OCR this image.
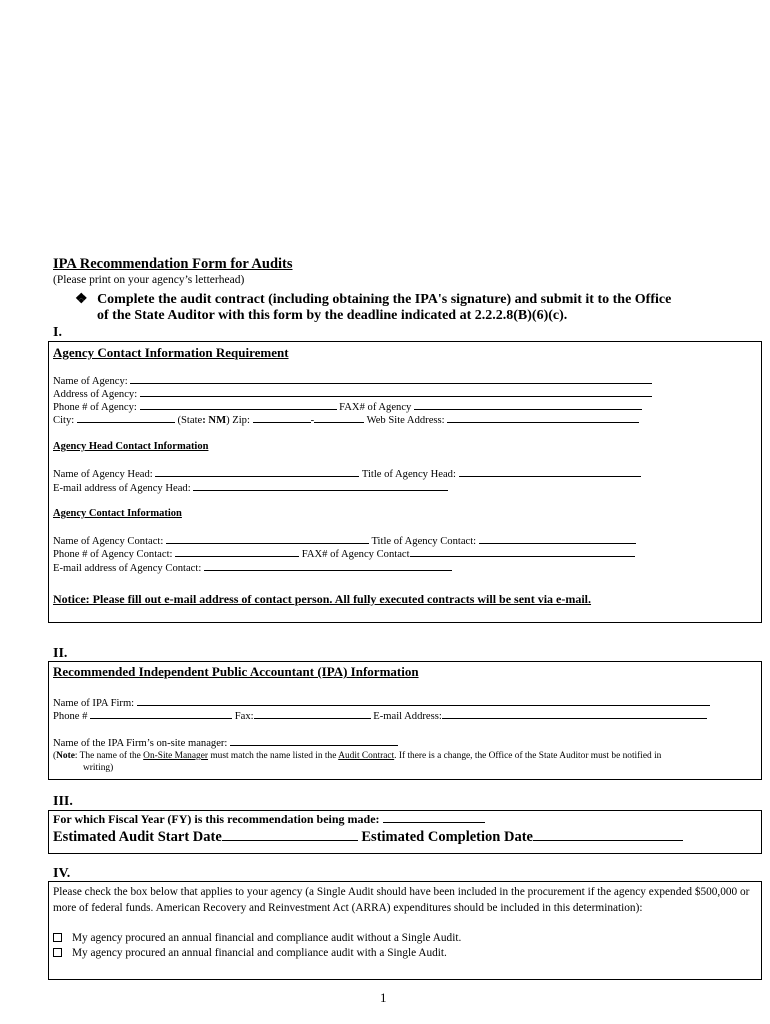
IPA Recommendation Form for Audits
(Please print on your agency’s letterhead)
❖ Complete the audit contract (including obtaining the IPA's signature) and submit it to the Office
of the State Auditor with this form by the deadline indicated at 2.2.2.8(B)(6)(c).
I.
Agency Contact Information Requirement
Name of Agency:
Address of Agency:
Phone # of Agency:	FAX# of Agency
City:	(State: NM) Zip:	-	Web Site Address:
Agency Head Contact Information
Name of Agency Head:	Title of Agency Head:
E-mail address of Agency Head:
Agency Contact Information
Name of Agency Contact:	Title of Agency Contact:
Phone # of Agency Contact:	FAX# of Agency Contact
E-mail address of Agency Contact:
Notice: Please fill out e-mail address of contact person. All fully executed contracts will be sent via e-mail.
II.
Recommended Independent Public Accountant (IPA) Information
Name of IPA Firm:
Phone #	Fax:	E-mail Address:
Name of the IPA Firm’s on-site manager:
(Note: The name of the On-Site Manager must match the name listed in the Audit Contract. If there is a change, the Office of the State Auditor must be notified in
writing)
III.
For which Fiscal Year (FY) is this recommendation being made:
Estimated Audit Start Date	Estimated Completion Date
IV.
Please check the box below that applies to your agency (a Single Audit should have been included in the procurement if the agency expended $500,000 or more of federal funds. American Recovery and Reinvestment Act (ARRA) expenditures should be included in this determination):
My agency procured an annual financial and compliance audit without a Single Audit.
My agency procured an annual financial and compliance audit with a Single Audit.
1
